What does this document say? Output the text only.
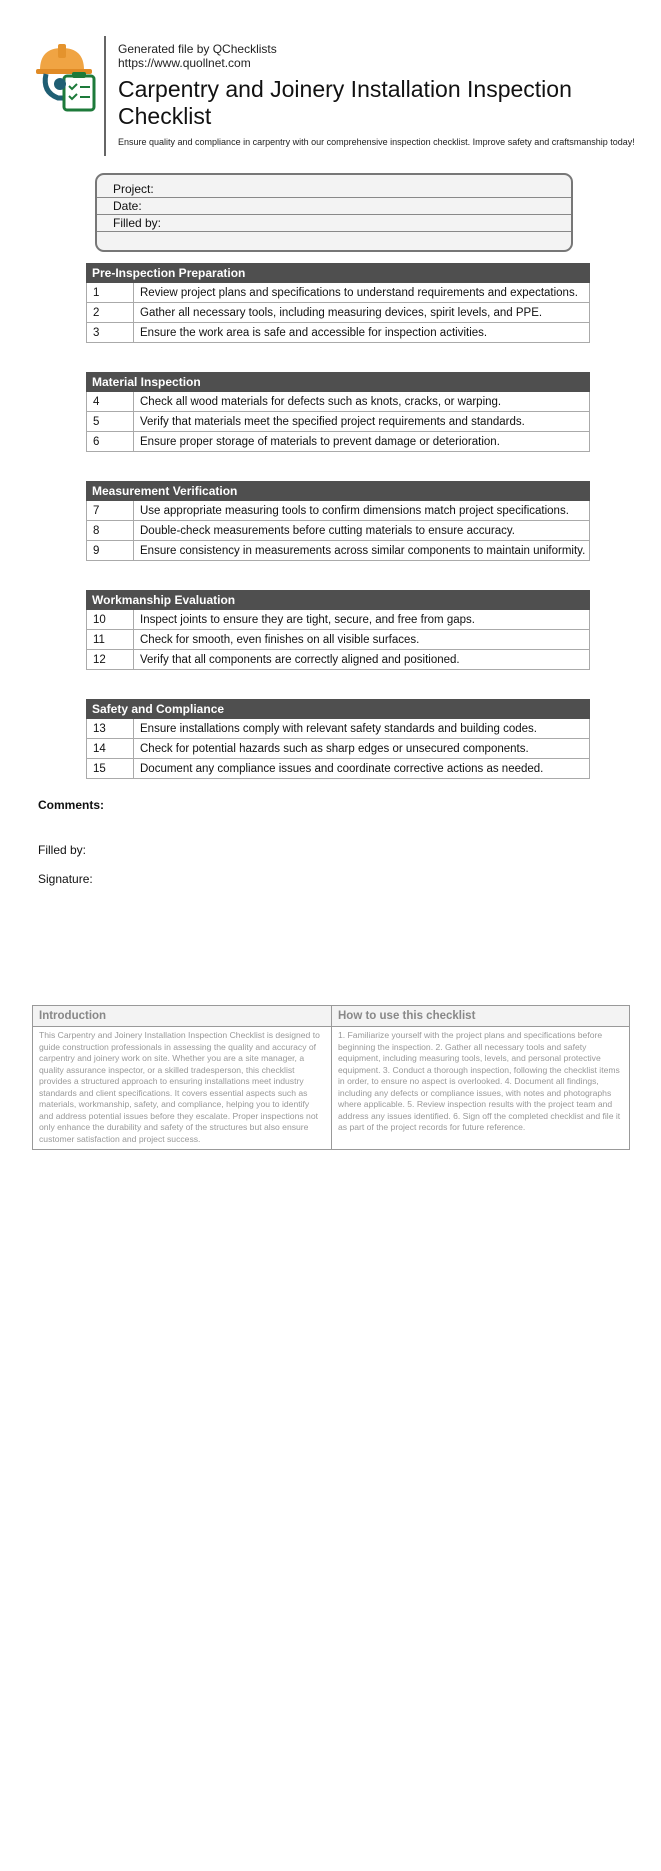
Generated file by QChecklists
https://www.quollnet.com
Carpentry and Joinery Installation Inspection Checklist
Ensure quality and compliance in carpentry with our comprehensive inspection checklist. Improve safety and craftsmanship today!
Project:
Date:
Filled by:
Pre-Inspection Preparation
1	Review project plans and specifications to understand requirements and expectations.
2	Gather all necessary tools, including measuring devices, spirit levels, and PPE.
3	Ensure the work area is safe and accessible for inspection activities.
Material Inspection
4	Check all wood materials for defects such as knots, cracks, or warping.
5	Verify that materials meet the specified project requirements and standards.
6	Ensure proper storage of materials to prevent damage or deterioration.
Measurement Verification
7	Use appropriate measuring tools to confirm dimensions match project specifications.
8	Double-check measurements before cutting materials to ensure accuracy.
9	Ensure consistency in measurements across similar components to maintain uniformity.
Workmanship Evaluation
10	Inspect joints to ensure they are tight, secure, and free from gaps.
11	Check for smooth, even finishes on all visible surfaces.
12	Verify that all components are correctly aligned and positioned.
Safety and Compliance
13	Ensure installations comply with relevant safety standards and building codes.
14	Check for potential hazards such as sharp edges or unsecured components.
15	Document any compliance issues and coordinate corrective actions as needed.
Comments:
Filled by:
Signature:
Introduction
This Carpentry and Joinery Installation Inspection Checklist is designed to guide construction professionals in assessing the quality and accuracy of carpentry and joinery work on site. Whether you are a site manager, a quality assurance inspector, or a skilled tradesperson, this checklist provides a structured approach to ensuring installations meet industry standards and client specifications. It covers essential aspects such as materials, workmanship, safety, and compliance, helping you to identify and address potential issues before they escalate. Proper inspections not only enhance the durability and safety of the structures but also ensure customer satisfaction and project success.
How to use this checklist
1. Familiarize yourself with the project plans and specifications before beginning the inspection. 2. Gather all necessary tools and safety equipment, including measuring tools, levels, and personal protective equipment. 3. Conduct a thorough inspection, following the checklist items in order, to ensure no aspect is overlooked. 4. Document all findings, including any defects or compliance issues, with notes and photographs where applicable. 5. Review inspection results with the project team and address any issues identified. 6. Sign off the completed checklist and file it as part of the project records for future reference.
